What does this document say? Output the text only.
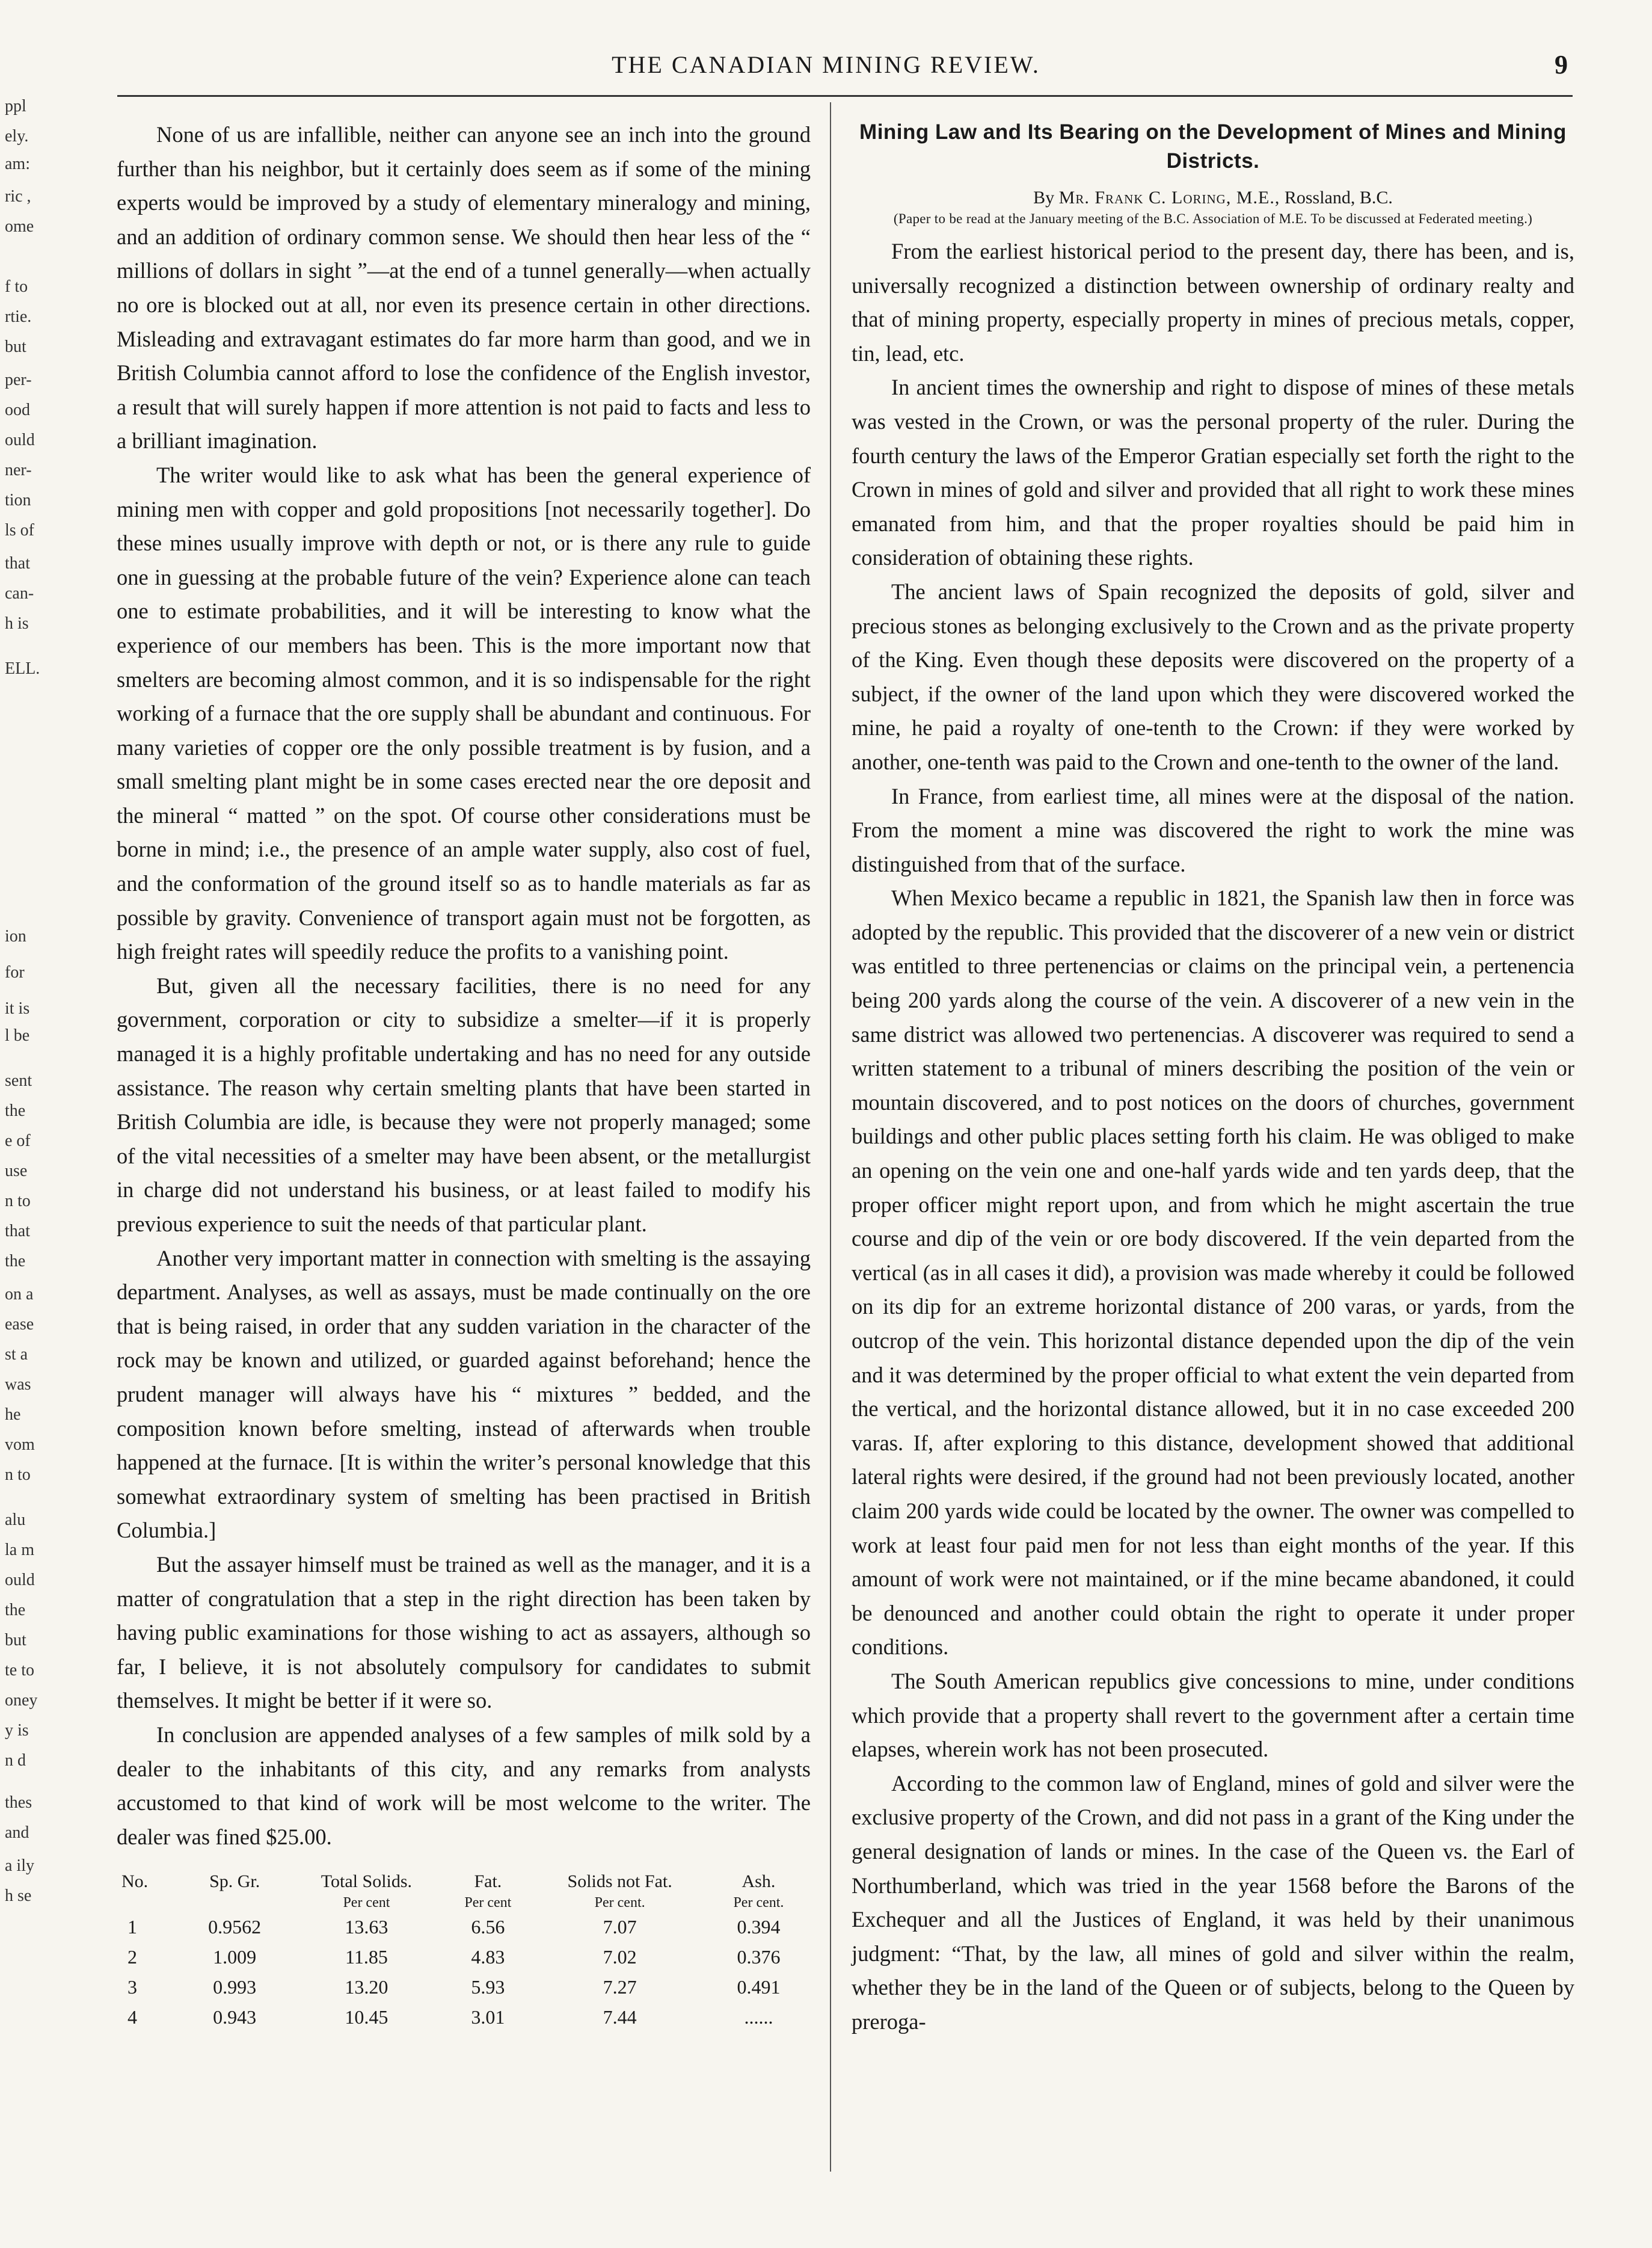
THE CANADIAN MINING REVIEW.	9
ppl
ely.
am:
ric ,
ome
f to
rtie.
but
per-
ood
ould
ner-
tion
ls of
that
can-
h is
ELL.
ion
for
it is
l be
sent
the
e of
use
n to
that
the
on a
ease
st a
was
he
vom
n to
alu
la m
ould
the
but
te to
oney
y is
n d
thes
and
a ily
h se

None of us are infallible, neither can anyone see an inch into the ground further than his neighbor, but it certainly does seem as if some of the mining experts would be improved by a study of elementary mineralogy and mining, and an addition of ordinary common sense. We should then hear less of the “ millions of dollars in sight ”—at the end of a tunnel generally—when actually no ore is blocked out at all, nor even its presence certain in other directions. Misleading and extravagant estimates do far more harm than good, and we in British Columbia cannot afford to lose the confidence of the English investor, a result that will surely happen if more attention is not paid to facts and less to a brilliant imagination.

The writer would like to ask what has been the general experience of mining men with copper and gold propositions [not necessarily together]. Do these mines usually improve with depth or not, or is there any rule to guide one in guessing at the probable future of the vein? Experience alone can teach one to estimate probabilities, and it will be interesting to know what the experience of our members has been. This is the more important now that smelters are becoming almost common, and it is so indispensable for the right working of a furnace that the ore supply shall be abundant and continuous. For many varieties of copper ore the only possible treatment is by fusion, and a small smelting plant might be in some cases erected near the ore deposit and the mineral “ matted ” on the spot. Of course other considerations must be borne in mind; i.e., the presence of an ample water supply, also cost of fuel, and the conformation of the ground itself so as to handle materials as far as possible by gravity. Convenience of transport again must not be forgotten, as high freight rates will speedily reduce the profits to a vanishing point.

But, given all the necessary facilities, there is no need for any government, corporation or city to subsidize a smelter—if it is properly managed it is a highly profitable undertaking and has no need for any outside assistance. The reason why certain smelting plants that have been started in British Columbia are idle, is because they were not properly managed; some of the vital necessities of a smelter may have been absent, or the metallurgist in charge did not understand his business, or at least failed to modify his previous experience to suit the needs of that particular plant.

Another very important matter in connection with smelting is the assaying department. Analyses, as well as assays, must be made continually on the ore that is being raised, in order that any sudden variation in the character of the rock may be known and utilized, or guarded against beforehand; hence the prudent manager will always have his “ mixtures ” bedded, and the composition known before smelting, instead of afterwards when trouble happened at the furnace. [It is within the writer’s personal knowledge that this somewhat extraordinary system of smelting has been practised in British Columbia.]

But the assayer himself must be trained as well as the manager, and it is a matter of congratulation that a step in the right direction has been taken by having public examinations for those wishing to act as assayers, although so far, I believe, it is not absolutely compulsory for candidates to submit themselves. It might be better if it were so.

In conclusion are appended analyses of a few samples of milk sold by a dealer to the inhabitants of this city, and any remarks from analysts accustomed to that kind of work will be most welcome to the writer. The dealer was fined $25.00.

No.	Sp. Gr.	Total Solids.	Fat.	Solids not Fat.	Ash.
		Per cent	Per cent	Per cent.	Per cent.
1	0.9562	13.63	6.56	7.07	0.394
2	1.009	11.85	4.83	7.02	0.376
3	0.993	13.20	5.93	7.27	0.491
4	0.943	10.45	3.01	7.44	......
Mining Law and Its Bearing on the Development of Mines and Mining Districts.
By Mr. Frank C. Loring, M.E., Rossland, B.C.
(Paper to be read at the January meeting of the B.C. Association of M.E. To be discussed at Federated meeting.)

From the earliest historical period to the present day, there has been, and is, universally recognized a distinction between ownership of ordinary realty and that of mining property, especially property in mines of precious metals, copper, tin, lead, etc.

In ancient times the ownership and right to dispose of mines of these metals was vested in the Crown, or was the personal property of the ruler. During the fourth century the laws of the Emperor Gratian especially set forth the right to the Crown in mines of gold and silver and provided that all right to work these mines emanated from him, and that the proper royalties should be paid him in consideration of obtaining these rights.

The ancient laws of Spain recognized the deposits of gold, silver and precious stones as belonging exclusively to the Crown and as the private property of the King. Even though these deposits were discovered on the property of a subject, if the owner of the land upon which they were discovered worked the mine, he paid a royalty of one-tenth to the Crown: if they were worked by another, one-tenth was paid to the Crown and one-tenth to the owner of the land.

In France, from earliest time, all mines were at the disposal of the nation. From the moment a mine was discovered the right to work the mine was distinguished from that of the surface.

When Mexico became a republic in 1821, the Spanish law then in force was adopted by the republic. This provided that the discoverer of a new vein or district was entitled to three pertenencias or claims on the principal vein, a pertenencia being 200 yards along the course of the vein. A discoverer of a new vein in the same district was allowed two pertenencias. A discoverer was required to send a written statement to a tribunal of miners describing the position of the vein or mountain discovered, and to post notices on the doors of churches, government buildings and other public places setting forth his claim. He was obliged to make an opening on the vein one and one-half yards wide and ten yards deep, that the proper officer might report upon, and from which he might ascertain the true course and dip of the vein or ore body discovered. If the vein departed from the vertical (as in all cases it did), a provision was made whereby it could be followed on its dip for an extreme horizontal distance of 200 varas, or yards, from the outcrop of the vein. This horizontal distance depended upon the dip of the vein and it was determined by the proper official to what extent the vein departed from the vertical, and the horizontal distance allowed, but it in no case exceeded 200 varas. If, after exploring to this distance, development showed that additional lateral rights were desired, if the ground had not been previously located, another claim 200 yards wide could be located by the owner. The owner was compelled to work at least four paid men for not less than eight months of the year. If this amount of work were not maintained, or if the mine became abandoned, it could be denounced and another could obtain the right to operate it under proper conditions.

The South American republics give concessions to mine, under conditions which provide that a property shall revert to the government after a certain time elapses, wherein work has not been prosecuted.

According to the common law of England, mines of gold and silver were the exclusive property of the Crown, and did not pass in a grant of the King under the general designation of lands or mines. In the case of the Queen vs. the Earl of Northumberland, which was tried in the year 1568 before the Barons of the Exchequer and all the Justices of England, it was held by their unanimous judgment: “That, by the law, all mines of gold and silver within the realm, whether they be in the land of the Queen or of subjects, belong to the Queen by preroga-
